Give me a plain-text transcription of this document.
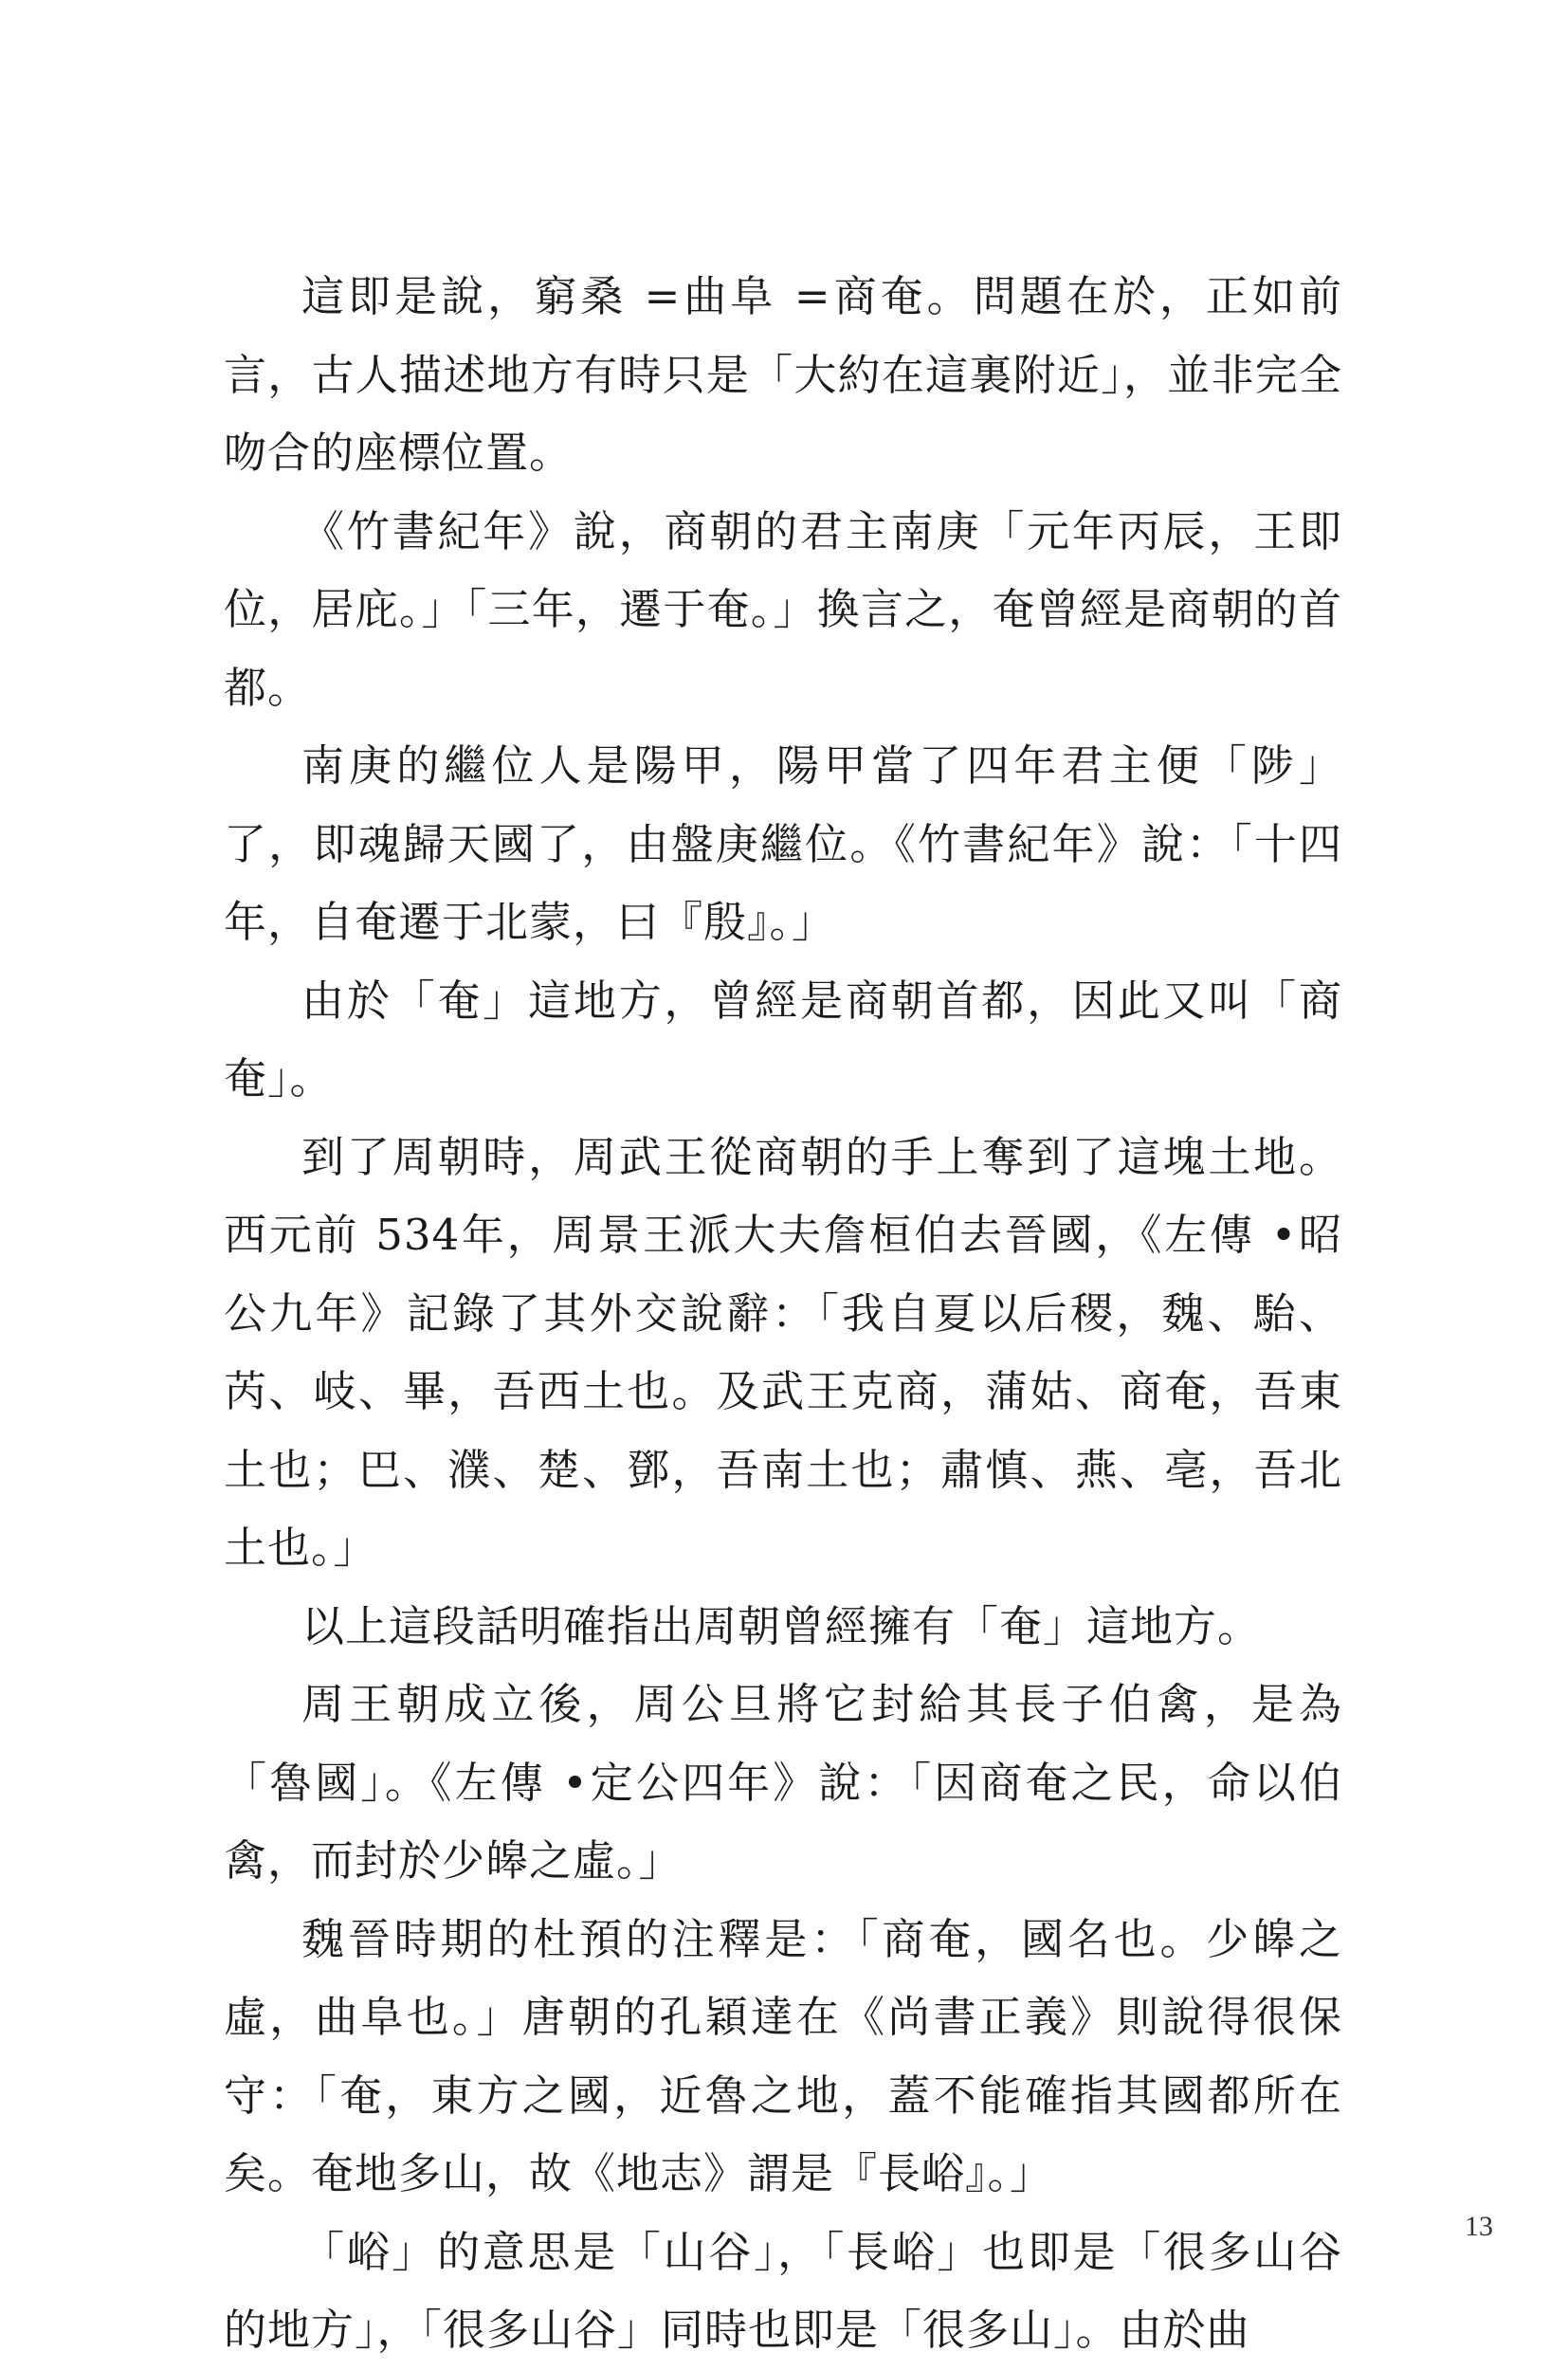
這即是說，窮桑 =曲阜 =商奄。問題在於，正如前言，古人描述地方有時只是「大約在這裏附近」，並非完全吻合的座標位置。

《竹書紀年》說，商朝的君主南庚「元年丙辰，王即位，居庇。」「三年，遷于奄。」換言之，奄曾經是商朝的首都。

南庚的繼位人是陽甲，陽甲當了四年君主便「陟」了，即魂歸天國了，由盤庚繼位。《竹書紀年》說：「十四年，自奄遷于北蒙，曰『殷』。」

由於「奄」這地方，曾經是商朝首都，因此又叫「商奄」。

到了周朝時，周武王從商朝的手上奪到了這塊土地。西元前 534年，周景王派大夫詹桓伯去晉國，《左傳 •昭公九年》記錄了其外交說辭：「我自夏以后稷，魏、駘、芮、岐、畢，吾西土也。及武王克商，蒲姑、商奄，吾東土也；巴、濮、楚、鄧，吾南土也；肅慎、燕、亳，吾北土也。」

以上這段話明確指出周朝曾經擁有「奄」這地方。

周王朝成立後，周公旦將它封給其長子伯禽，是為「魯國」。《左傳 •定公四年》說：「因商奄之民，命以伯禽，而封於少皞之虛。」

魏晉時期的杜預的注釋是：「商奄，國名也。少皞之虛，曲阜也。」唐朝的孔穎達在《尚書正義》則說得很保守：「奄，東方之國，近魯之地，蓋不能確指其國都所在矣。奄地多山，故《地志》謂是『長峪』。」

「峪」的意思是「山谷」，「長峪」也即是「很多山谷的地方」，「很多山谷」同時也即是「很多山」。由於曲

13
